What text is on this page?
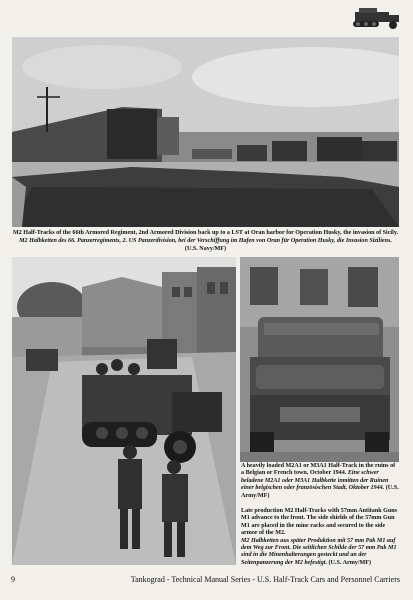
M2 Half-Tracks of the 66th Armored Regiment, 2nd Armored Division back up to a LST at Oran harbor for Operation Husky, the invasion of Sicily. M2 Halbketten des 66. Panzerregiments, 2. US Panzerdivision, bei der Verschiffung im Hafen von Oran für Operation Husky, die Invasion Siziliens. (U.S. Navy/MF)
A heavily loaded M2A1 or M3A1 Half-Track in the ruins of a Belgian or French town, October 1944. Eine schwer beladene M2A1 oder M3A1 Halbkette inmitten der Ruinen einer belgischen oder französischen Stadt, Oktober 1944. (U.S. Army/MF)
Late production M2 Half-Tracks with 57mm Antitank Guns M1 advance to the front. The side shields of the 57mm Gun M1 are placed in the mine racks and secured to the side armor of the M2.
M2 Halbketten aus später Produktion mit 57 mm Pak M1 auf dem Weg zur Front. Die seitlichen Schilde der 57 mm Pak M1 sind in die Minenhalterungen gesteckt und an der Seitenpanzerung der M2 befestigt. (U.S. Army/MF)
9	Tankograd - Technical Manual Series - U.S. Half-Track Cars and Personnel Carriers
